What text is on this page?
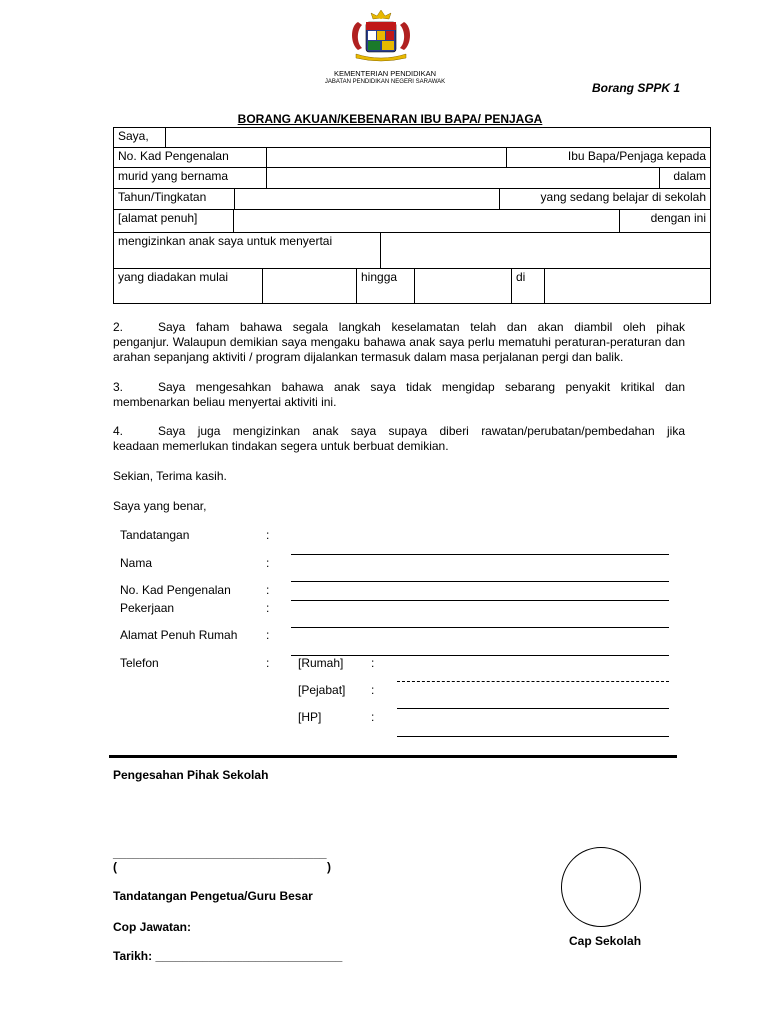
KEMENTERIAN PENDIDIKAN
JABATAN PENDIDIKAN NEGERI SARAWAK	Borang SPPK 1
BORANG AKUAN/KEBENARAN IBU BAPA/ PENJAGA
Saya,
No. Kad Pengenalan	Ibu Bapa/Penjaga kepada
murid yang bernama	dalam
Tahun/Tingkatan	yang sedang belajar di sekolah
[alamat penuh]	dengan ini
mengizinkan anak saya untuk menyertai
yang diadakan mulai	hingga	di
2.	Saya faham bahawa segala langkah keselamatan telah dan akan diambil oleh pihak
penganjur. Walaupun demikian saya mengaku bahawa anak saya perlu mematuhi peraturan-peraturan dan arahan sepanjang aktiviti / program dijalankan termasuk dalam masa perjalanan pergi dan balik.
3.	Saya mengesahkan bahawa anak saya tidak mengidap sebarang penyakit kritikal dan
membenarkan beliau menyertai aktiviti ini.
4.	Saya juga mengizinkan anak saya supaya diberi rawatan/perubatan/pembedahan jika
keadaan memerlukan tindakan segera untuk berbuat demikian.
Sekian, Terima kasih.
Saya yang benar,
Tandatangan	:
Nama	:
No. Kad Pengenalan	:
Pekerjaan	:
Alamat Penuh Rumah :
Telefon	: [Rumah] :
[Pejabat] :
[HP]	:
Pengesahan Pihak Sekolah
________________________________
(	)
Tandatangan Pengetua/Guru Besar
Cop Jawatan:
Tarikh: ____________________________
Cap Sekolah
